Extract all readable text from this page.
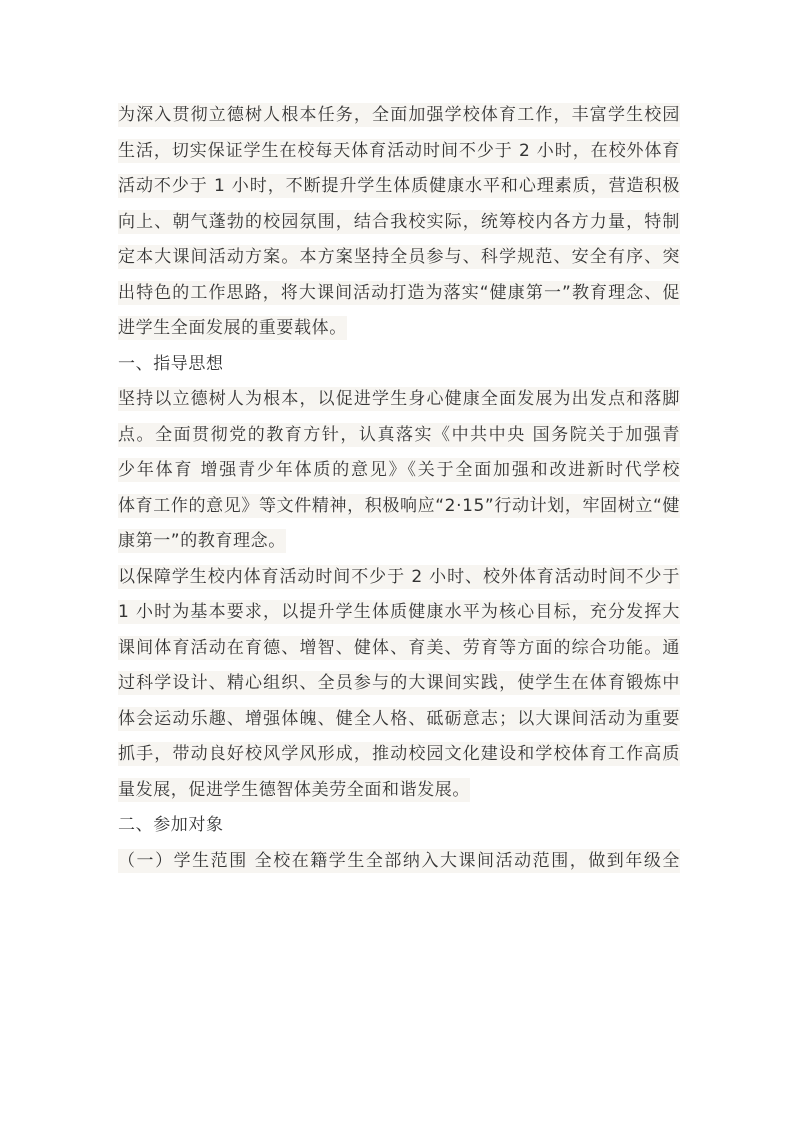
为深入贯彻立德树人根本任务，全面加强学校体育工作，丰富学生校园
生活，切实保证学生在校每天体育活动时间不少于 2 小时，在校外体育
活动不少于 1 小时，不断提升学生体质健康水平和心理素质，营造积极
向上、朝气蓬勃的校园氛围，结合我校实际，统筹校内各方力量，特制
定本大课间活动方案。本方案坚持全员参与、科学规范、安全有序、突
出特色的工作思路，将大课间活动打造为落实“健康第一”教育理念、促
进学生全面发展的重要载体。
一、指导思想
坚持以立德树人为根本，以促进学生身心健康全面发展为出发点和落脚
点。全面贯彻党的教育方针，认真落实《中共中央 国务院关于加强青
少年体育 增强青少年体质的意见》《关于全面加强和改进新时代学校
体育工作的意见》等文件精神，积极响应“2·15”行动计划，牢固树立“健
康第一”的教育理念。
以保障学生校内体育活动时间不少于 2 小时、校外体育活动时间不少于
1 小时为基本要求，以提升学生体质健康水平为核心目标，充分发挥大
课间体育活动在育德、增智、健体、育美、劳育等方面的综合功能。通
过科学设计、精心组织、全员参与的大课间实践，使学生在体育锻炼中
体会运动乐趣、增强体魄、健全人格、砥砺意志；以大课间活动为重要
抓手，带动良好校风学风形成，推动校园文化建设和学校体育工作高质
量发展，促进学生德智体美劳全面和谐发展。
二、参加对象
（一）学生范围 全校在籍学生全部纳入大课间活动范围，做到年级全
